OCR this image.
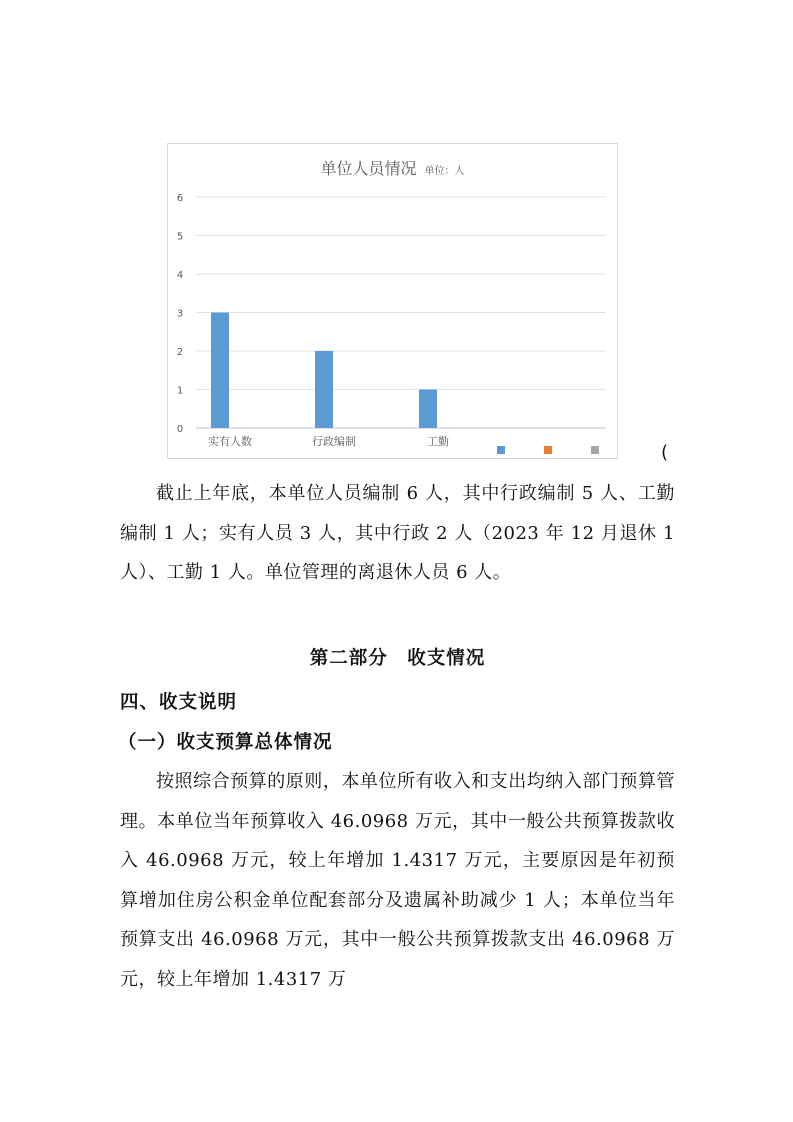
单位人员情况 单位：人
0
1
2
3
4
5
6
实有人数	行政编制	工勤
(
截止上年底，本单位人员编制 6 人，其中行政编制 5 人、工勤编制 1 人；实有人员 3 人，其中行政 2 人（2023 年 12 月退休 1 人）、工勤 1 人。单位管理的离退休人员 6 人。
第二部分　收支情况
四、收支说明
（一）收支预算总体情况
按照综合预算的原则，本单位所有收入和支出均纳入部门预算管理。本单位当年预算收入 46.0968 万元，其中一般公共预算拨款收入 46.0968 万元，较上年增加 1.4317 万元，主要原因是年初预算增加住房公积金单位配套部分及遗属补助减少 1 人；本单位当年预算支出 46.0968 万元，其中一般公共预算拨款支出 46.0968 万元，较上年增加 1.4317 万
